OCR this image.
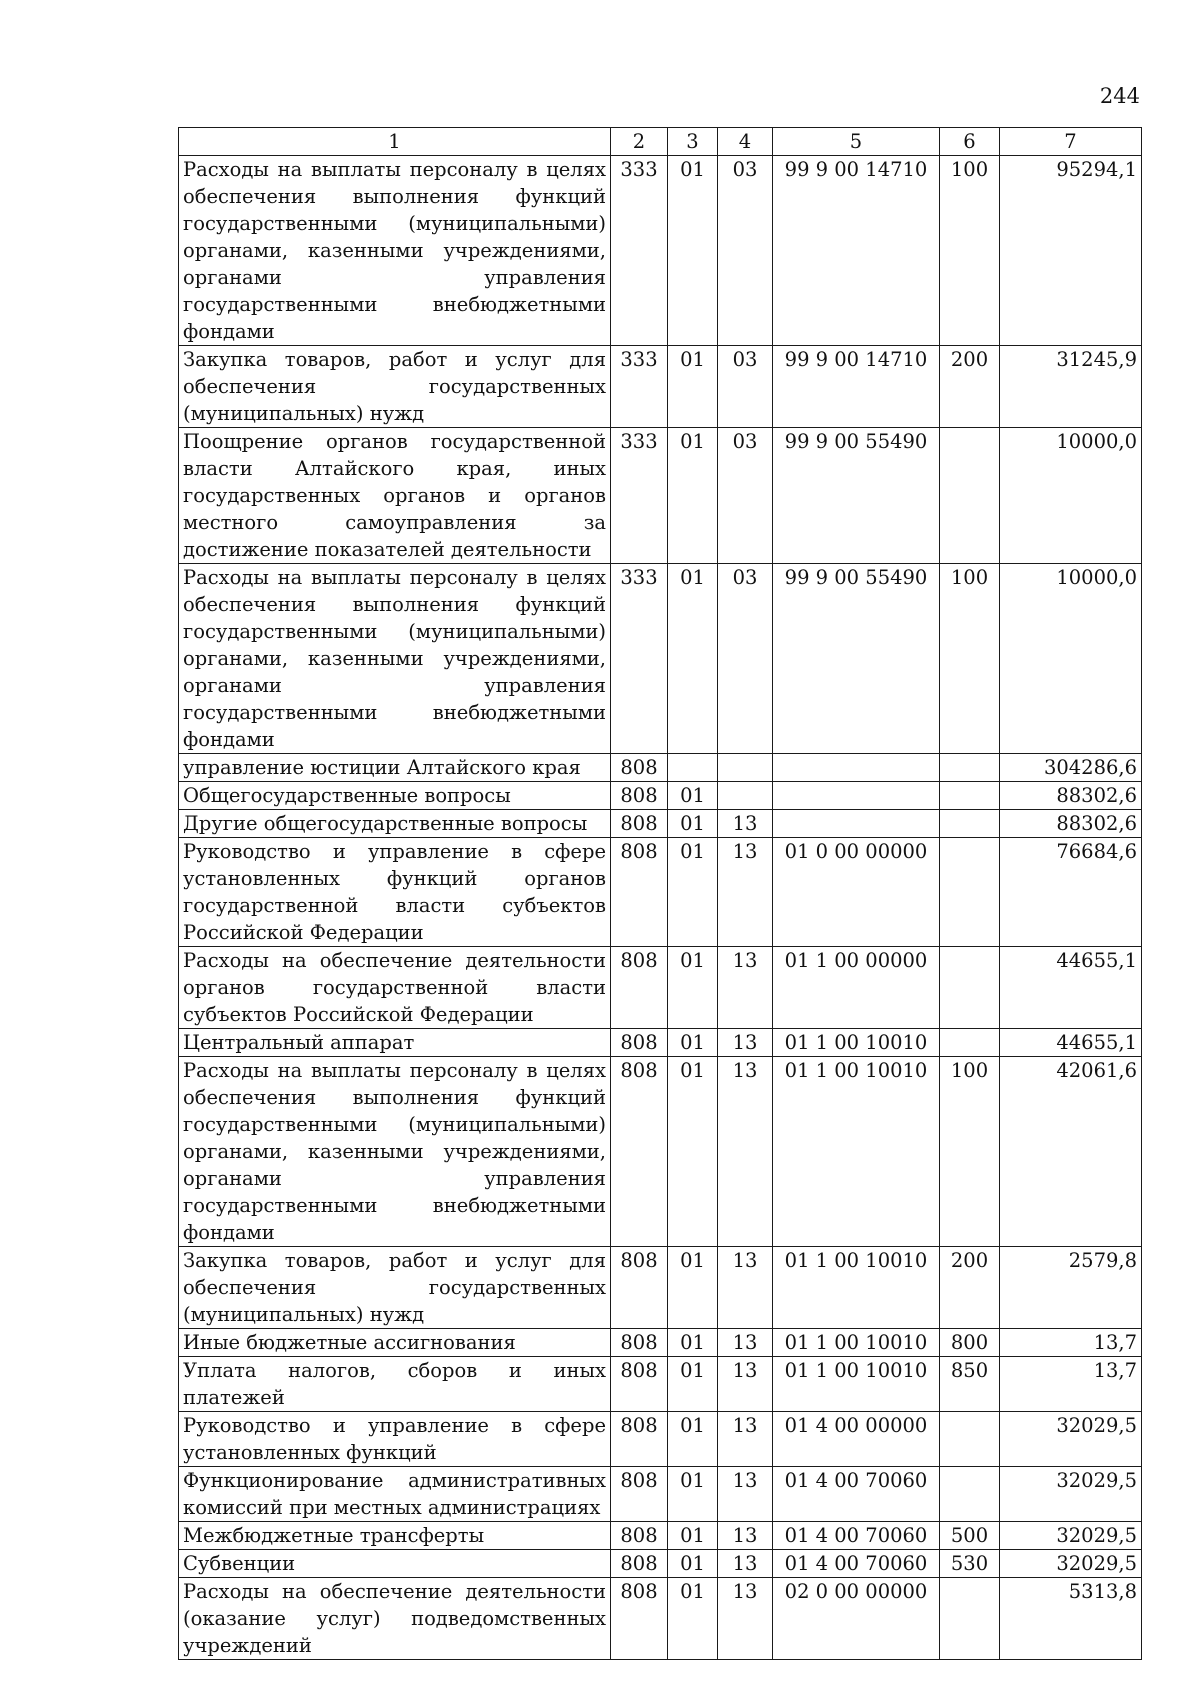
244
1	2	3	4	5	6	7
Расходы на выплаты персоналу в целях обеспечения выполнения функций государственными (муниципальными) органами, казенными учреждениями, органами управления государственными внебюджетными фондами	333	01	03	99 9 00 14710	100	95294,1
Закупка товаров, работ и услуг для обеспечения государственных (муниципальных) нужд	333	01	03	99 9 00 14710	200	31245,9
Поощрение органов государственной власти Алтайского края, иных государственных органов и органов местного самоуправления за достижение показателей деятельности	333	01	03	99 9 00 55490		10000,0
Расходы на выплаты персоналу в целях обеспечения выполнения функций государственными (муниципальными) органами, казенными учреждениями, органами управления государственными внебюджетными фондами	333	01	03	99 9 00 55490	100	10000,0
управление юстиции Алтайского края	808					304286,6
Общегосударственные вопросы	808	01				88302,6
Другие общегосударственные вопросы	808	01	13			88302,6
Руководство и управление в сфере установленных функций органов государственной власти субъектов Российской Федерации	808	01	13	01 0 00 00000		76684,6
Расходы на обеспечение деятельности органов государственной власти субъектов Российской Федерации	808	01	13	01 1 00 00000		44655,1
Центральный аппарат	808	01	13	01 1 00 10010		44655,1
Расходы на выплаты персоналу в целях обеспечения выполнения функций государственными (муниципальными) органами, казенными учреждениями, органами управления государственными внебюджетными фондами	808	01	13	01 1 00 10010	100	42061,6
Закупка товаров, работ и услуг для обеспечения государственных (муниципальных) нужд	808	01	13	01 1 00 10010	200	2579,8
Иные бюджетные ассигнования	808	01	13	01 1 00 10010	800	13,7
Уплата налогов, сборов и иных платежей	808	01	13	01 1 00 10010	850	13,7
Руководство и управление в сфере установленных функций	808	01	13	01 4 00 00000		32029,5
Функционирование административных комиссий при местных администрациях	808	01	13	01 4 00 70060		32029,5
Межбюджетные трансферты	808	01	13	01 4 00 70060	500	32029,5
Субвенции	808	01	13	01 4 00 70060	530	32029,5
Расходы на обеспечение деятельности (оказание услуг) подведомственных учреждений	808	01	13	02 0 00 00000		5313,8
